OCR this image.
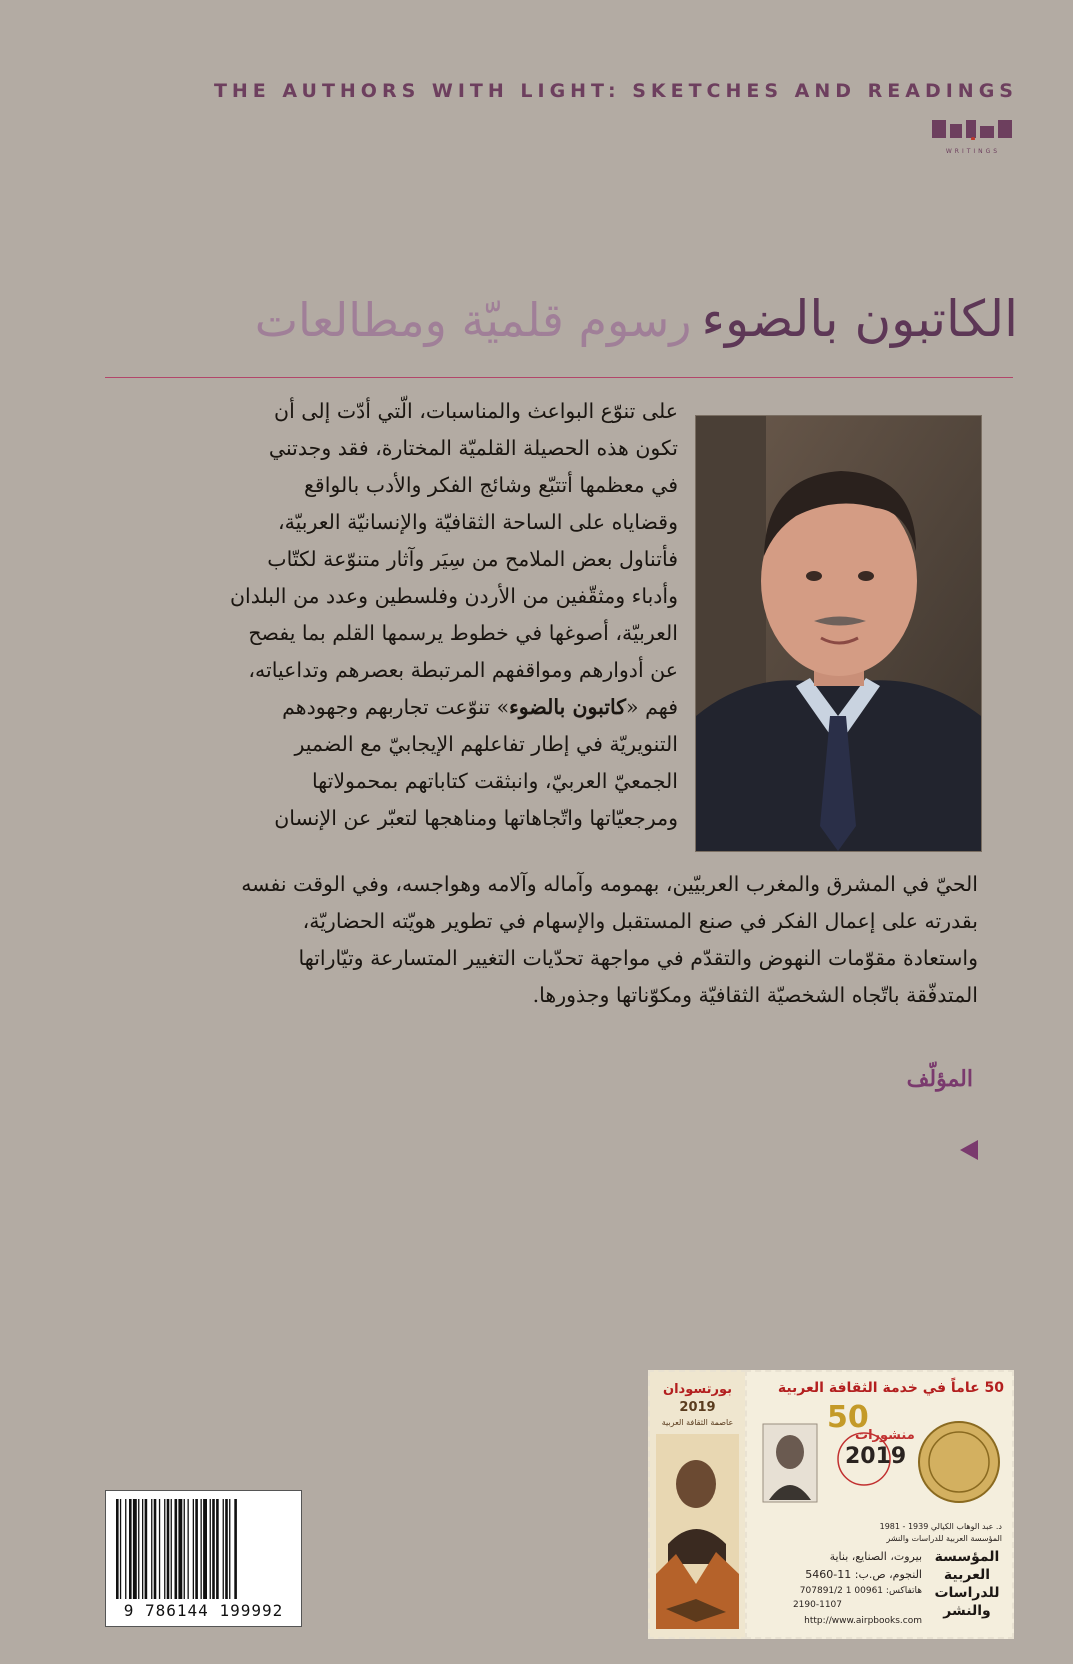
THE AUTHORS WITH LIGHT: SKETCHES AND READINGS
WRITINGS
الكاتبون بالضوءرسوم قلميّة ومطالعات
على تنوّع البواعث والمناسبات، الّتي أدّت إلى أن
تكون هذه الحصيلة القلميّة المختارة، فقد وجدتني
في معظمها أتتبّع وشائج الفكر والأدب بالواقع
وقضاياه على الساحة الثقافيّة والإنسانيّة العربيّة،
فأتناول بعض الملامح من سِيَر وآثار متنوّعة لكتّاب
وأدباء ومثقّفين من الأردن وفلسطين وعدد من البلدان
العربيّة، أصوغها في خطوط يرسمها القلم بما يفصح
عن أدوارهم ومواقفهم المرتبطة بعصرهم وتداعياته،
فهم «كاتبون بالضوء» تنوّعت تجاربهم وجهودهم
التنويريّة في إطار تفاعلهم الإيجابيّ مع الضمير
الجمعيّ العربيّ، وانبثقت كتاباتهم بمحمولاتها
ومرجعيّاتها واتّجاهاتها ومناهجها لتعبّر عن الإنسان
الحيّ في المشرق والمغرب العربيّين، بهمومه وآماله وآلامه وهواجسه، وفي الوقت نفسه
بقدرته على إعمال الفكر في صنع المستقبل والإسهام في تطوير هويّته الحضاريّة،
واستعادة مقوّمات النهوض والتقدّم في مواجهة تحدّيات التغيير المتسارعة وتيّاراتها
المتدفّقة باتّجاه الشخصيّة الثقافيّة ومكوّناتها وجذورها.
المؤلّف
9 786144 199992
بورتسودان
2019
عاصمة الثقافة العربية
50 عاماً في خدمة الثقافة العربية
منشورات
50
2019
د. عبد الوهاب الكيالي 1939 - 1981
المؤسسة العربية للدراسات والنشر
بيروت، الصنايع، بناية
النجوم، ص.ب: 11-5460
هاتفاكس: 00961 1 707891/2
2190-1107
http://www.airpbooks.com
المؤسسة العربية للدراسات والنشر
